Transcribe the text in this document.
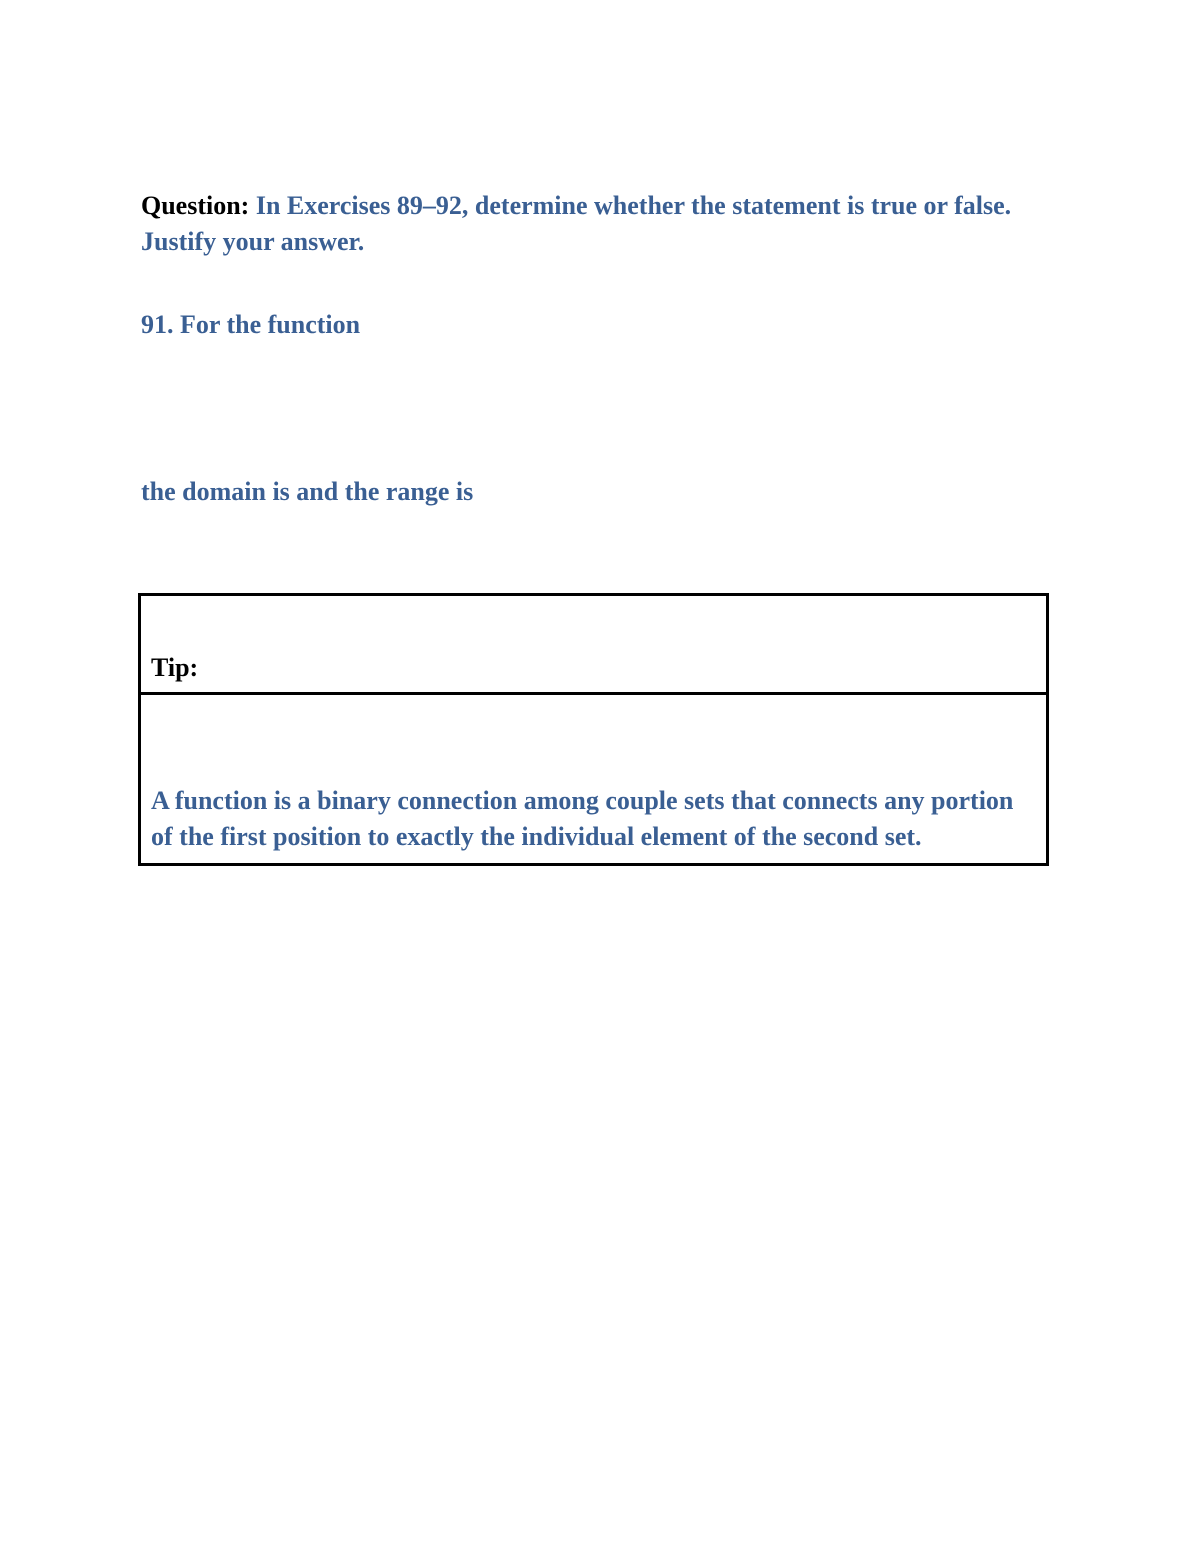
Question: In Exercises 89–92, determine whether the statement is true or false. Justify your answer.
91. For the function
the domain is and the range is
Tip:

A function is a binary connection among couple sets that connects any portion of the first position to exactly the individual element of the second set.
